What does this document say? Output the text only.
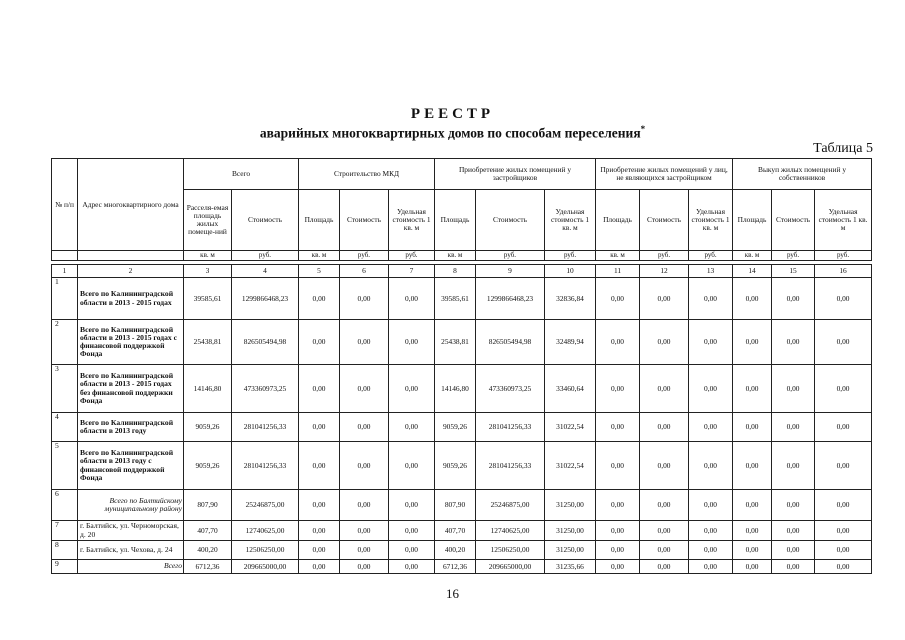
РЕЕСТР
аварийных многоквартирных домов по способам переселения*
Таблица 5
№ п/п	Адрес многоквартирного дома	Всего		Строительство МКД			Приобретение жилых помещений у застройщиков			Приобретение жилых помещений у лиц, не являющихся застройщиком			Выкуп жилых помещений у собственников		
		Расселя-емая площадь жилых помеще-ний	Стоимость	Площадь	Стоимость	Удельная стоимость 1 кв. м	Площадь	Стоимость	Удельная стоимость 1 кв. м	Площадь	Стоимость	Удельная стоимость 1 кв. м	Площадь	Стоимость	Удельная стоимость 1 кв. м
		кв. м	руб.	кв. м	руб.	руб.	кв. м	руб.	руб.	кв. м	руб.	руб.	кв. м	руб.	руб.

1	2	3	4	5	6	7	8	9	10	11	12	13	14	15	16
1	Всего по Калининградской области в 2013 - 2015 годах	39585,61	1299866468,23	0,00	0,00	0,00	39585,61	1299866468,23	32836,84	0,00	0,00	0,00	0,00	0,00	0,00
2	Всего по Калининградской области в 2013 - 2015 годах с финансовой поддержкой Фонда	25438,81	826505494,98	0,00	0,00	0,00	25438,81	826505494,98	32489,94	0,00	0,00	0,00	0,00	0,00	0,00
3	Всего по Калининградской области в 2013 - 2015 годах без финансовой поддержки Фонда	14146,80	473360973,25	0,00	0,00	0,00	14146,80	473360973,25	33460,64	0,00	0,00	0,00	0,00	0,00	0,00
4	Всего по Калининградской области в 2013 году	9059,26	281041256,33	0,00	0,00	0,00	9059,26	281041256,33	31022,54	0,00	0,00	0,00	0,00	0,00	0,00
5	Всего по Калининградской области в 2013 году с финансовой поддержкой Фонда	9059,26	281041256,33	0,00	0,00	0,00	9059,26	281041256,33	31022,54	0,00	0,00	0,00	0,00	0,00	0,00
6	Всего по Балтийскому муниципальному району	807,90	25246875,00	0,00	0,00	0,00	807,90	25246875,00	31250,00	0,00	0,00	0,00	0,00	0,00	0,00
7	г. Балтийск, ул. Черноморская, д. 20	407,70	12740625,00	0,00	0,00	0,00	407,70	12740625,00	31250,00	0,00	0,00	0,00	0,00	0,00	0,00
8	г. Балтийск, ул. Чехова, д. 24	400,20	12506250,00	0,00	0,00	0,00	400,20	12506250,00	31250,00	0,00	0,00	0,00	0,00	0,00	0,00
9	Всего	6712,36	209665000,00	0,00	0,00	0,00	6712,36	209665000,00	31235,66	0,00	0,00	0,00	0,00	0,00	0,00
16
